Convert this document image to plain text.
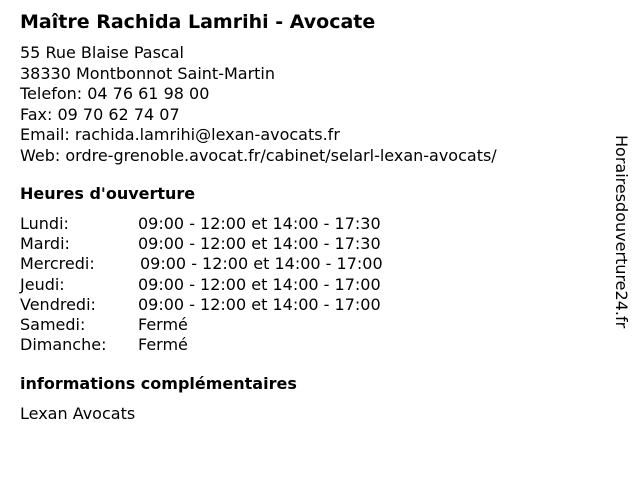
Maître Rachida Lamrihi - Avocate
55 Rue Blaise Pascal
38330 Montbonnot Saint-Martin
Telefon: 04 76 61 98 00
Fax: 09 70 62 74 07
Email: rachida.lamrihi@lexan-avocats.fr
Web: ordre-grenoble.avocat.fr/cabinet/selarl-lexan-avocats/
Heures d'ouverture
Lundi:	09:00 - 12:00 et 14:00 - 17:30
Mardi:	09:00 - 12:00 et 14:00 - 17:30
Mercredi:	09:00 - 12:00 et 14:00 - 17:00
Jeudi:	09:00 - 12:00 et 14:00 - 17:00
Vendredi:	09:00 - 12:00 et 14:00 - 17:00
Samedi:	Fermé
Dimanche: Fermé
informations complémentaires
Lexan Avocats
Horairesdouverture24.fr
